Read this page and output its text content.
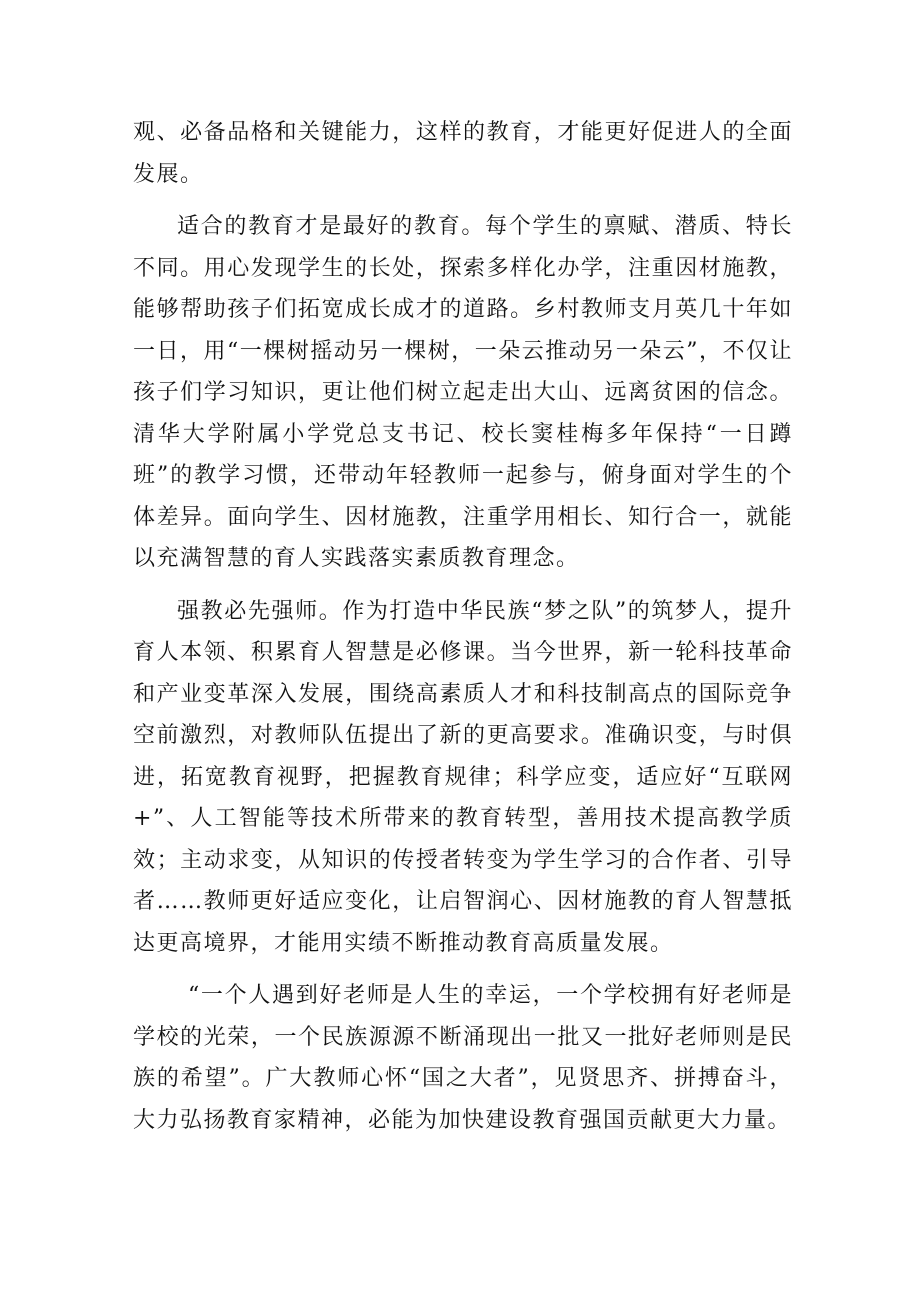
观、必备品格和关键能力，这样的教育，才能更好促进人的全面发展。

适合的教育才是最好的教育。每个学生的禀赋、潜质、特长不同。用心发现学生的长处，探索多样化办学，注重因材施教，能够帮助孩子们拓宽成长成才的道路。乡村教师支月英几十年如一日，用“一棵树摇动另一棵树，一朵云推动另一朵云”，不仅让孩子们学习知识，更让他们树立起走出大山、远离贫困的信念。清华大学附属小学党总支书记、校长窦桂梅多年保持“一日蹲班”的教学习惯，还带动年轻教师一起参与，俯身面对学生的个体差异。面向学生、因材施教，注重学用相长、知行合一，就能以充满智慧的育人实践落实素质教育理念。

强教必先强师。作为打造中华民族“梦之队”的筑梦人，提升育人本领、积累育人智慧是必修课。当今世界，新一轮科技革命和产业变革深入发展，围绕高素质人才和科技制高点的国际竞争空前激烈，对教师队伍提出了新的更高要求。准确识变，与时俱进，拓宽教育视野，把握教育规律；科学应变，适应好“互联网+”、人工智能等技术所带来的教育转型，善用技术提高教学质效；主动求变，从知识的传授者转变为学生学习的合作者、引导者……教师更好适应变化，让启智润心、因材施教的育人智慧抵达更高境界，才能用实绩不断推动教育高质量发展。

“一个人遇到好老师是人生的幸运，一个学校拥有好老师是学校的光荣，一个民族源源不断涌现出一批又一批好老师则是民族的希望”。广大教师心怀“国之大者”，见贤思齐、拼搏奋斗，大力弘扬教育家精神，必能为加快建设教育强国贡献更大力量。
